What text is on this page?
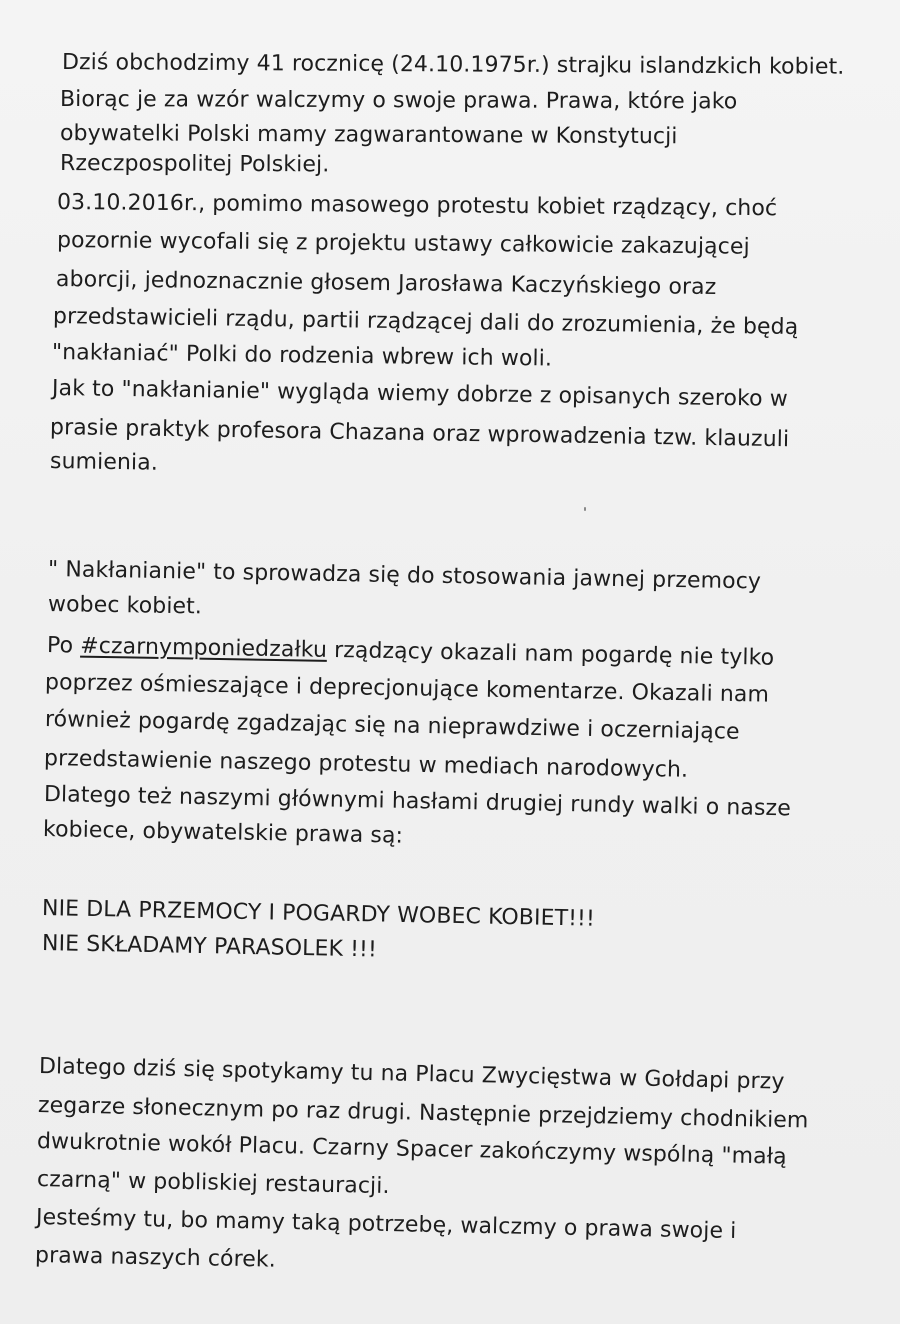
Dziś obchodzimy 41 rocznicę (24.10.1975r.) strajku islandzkich kobiet.

Biorąc je za wzór walczymy o swoje prawa. Prawa, które jako

obywatelki Polski mamy zagwarantowane w Konstytucji

Rzeczpospolitej Polskiej.

03.10.2016r., pomimo masowego protestu kobiet rządzący, choć

pozornie wycofali się z projektu ustawy całkowicie zakazującej

aborcji, jednoznacznie głosem Jarosława Kaczyńskiego oraz

przedstawicieli rządu, partii rządzącej dali do zrozumienia, że będą

"nakłaniać" Polki do rodzenia wbrew ich woli.

Jak to "nakłanianie" wygląda wiemy dobrze z opisanych szeroko w

prasie praktyk profesora Chazana oraz wprowadzenia tzw. klauzuli

sumienia.

" Nakłanianie" to sprowadza się do stosowania jawnej przemocy

wobec kobiet.

Po #czarnymponiedzałku rządzący okazali nam pogardę nie tylko

poprzez ośmieszające i deprecjonujące komentarze. Okazali nam

również pogardę zgadzając się na nieprawdziwe i oczerniające

przedstawienie naszego protestu w mediach narodowych.

Dlatego też naszymi głównymi hasłami drugiej rundy walki o nasze

kobiece, obywatelskie prawa są:

NIE DLA PRZEMOCY I POGARDY WOBEC KOBIET!!!

NIE SKŁADAMY PARASOLEK !!!

Dlatego dziś się spotykamy tu na Placu Zwycięstwa w Gołdapi przy

zegarze słonecznym po raz drugi. Następnie przejdziemy chodnikiem

dwukrotnie wokół Placu. Czarny Spacer zakończymy wspólną "małą

czarną" w pobliskiej restauracji.

Jesteśmy tu, bo mamy taką potrzebę, walczmy o prawa swoje i

prawa naszych córek.
